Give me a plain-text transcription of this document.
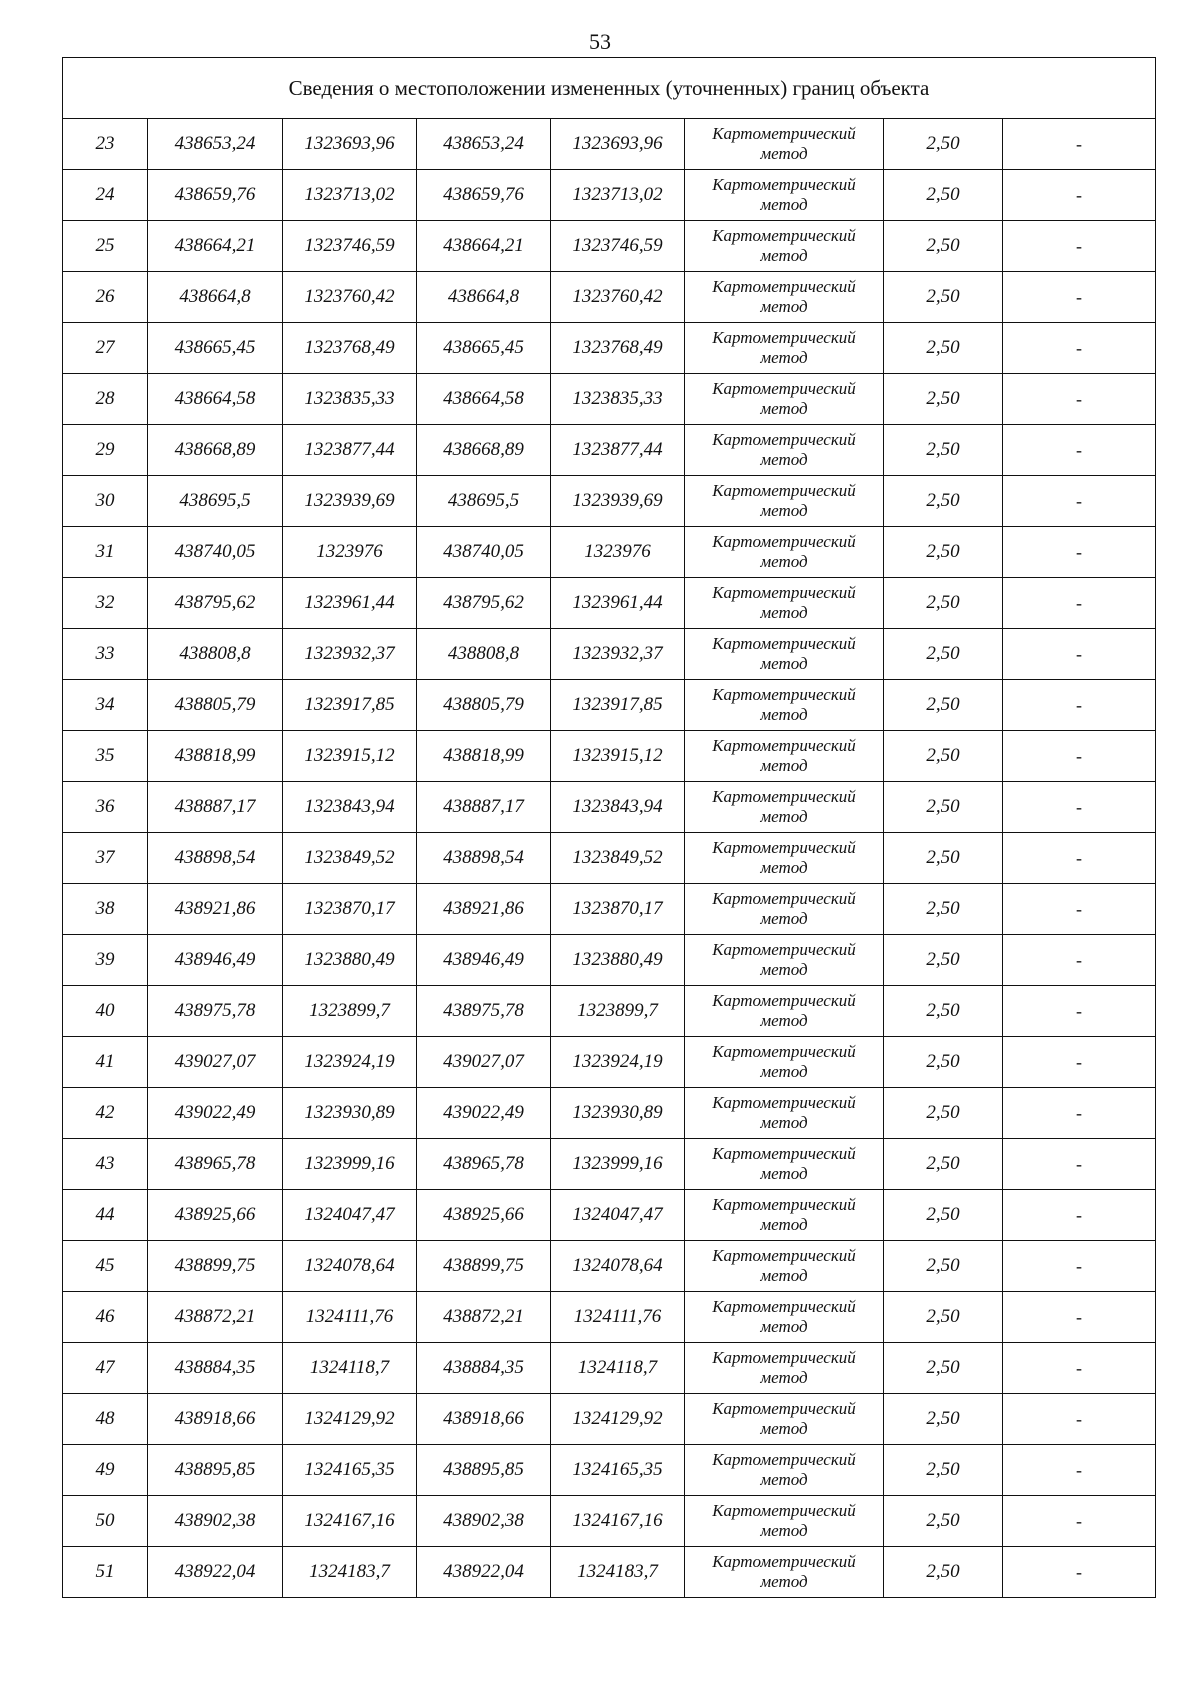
53
Сведения о местоположении измененных (уточненных) границ объекта							
23	438653,24	1323693,96	438653,24	1323693,96	Картометрический
метод	2,50	-
24	438659,76	1323713,02	438659,76	1323713,02	Картометрический
метод	2,50	-
25	438664,21	1323746,59	438664,21	1323746,59	Картометрический
метод	2,50	-
26	438664,8	1323760,42	438664,8	1323760,42	Картометрический
метод	2,50	-
27	438665,45	1323768,49	438665,45	1323768,49	Картометрический
метод	2,50	-
28	438664,58	1323835,33	438664,58	1323835,33	Картометрический
метод	2,50	-
29	438668,89	1323877,44	438668,89	1323877,44	Картометрический
метод	2,50	-
30	438695,5	1323939,69	438695,5	1323939,69	Картометрический
метод	2,50	-
31	438740,05	1323976	438740,05	1323976	Картометрический
метод	2,50	-
32	438795,62	1323961,44	438795,62	1323961,44	Картометрический
метод	2,50	-
33	438808,8	1323932,37	438808,8	1323932,37	Картометрический
метод	2,50	-
34	438805,79	1323917,85	438805,79	1323917,85	Картометрический
метод	2,50	-
35	438818,99	1323915,12	438818,99	1323915,12	Картометрический
метод	2,50	-
36	438887,17	1323843,94	438887,17	1323843,94	Картометрический
метод	2,50	-
37	438898,54	1323849,52	438898,54	1323849,52	Картометрический
метод	2,50	-
38	438921,86	1323870,17	438921,86	1323870,17	Картометрический
метод	2,50	-
39	438946,49	1323880,49	438946,49	1323880,49	Картометрический
метод	2,50	-
40	438975,78	1323899,7	438975,78	1323899,7	Картометрический
метод	2,50	-
41	439027,07	1323924,19	439027,07	1323924,19	Картометрический
метод	2,50	-
42	439022,49	1323930,89	439022,49	1323930,89	Картометрический
метод	2,50	-
43	438965,78	1323999,16	438965,78	1323999,16	Картометрический
метод	2,50	-
44	438925,66	1324047,47	438925,66	1324047,47	Картометрический
метод	2,50	-
45	438899,75	1324078,64	438899,75	1324078,64	Картометрический
метод	2,50	-
46	438872,21	1324111,76	438872,21	1324111,76	Картометрический
метод	2,50	-
47	438884,35	1324118,7	438884,35	1324118,7	Картометрический
метод	2,50	-
48	438918,66	1324129,92	438918,66	1324129,92	Картометрический
метод	2,50	-
49	438895,85	1324165,35	438895,85	1324165,35	Картометрический
метод	2,50	-
50	438902,38	1324167,16	438902,38	1324167,16	Картометрический
метод	2,50	-
51	438922,04	1324183,7	438922,04	1324183,7	Картометрический
метод	2,50	-
